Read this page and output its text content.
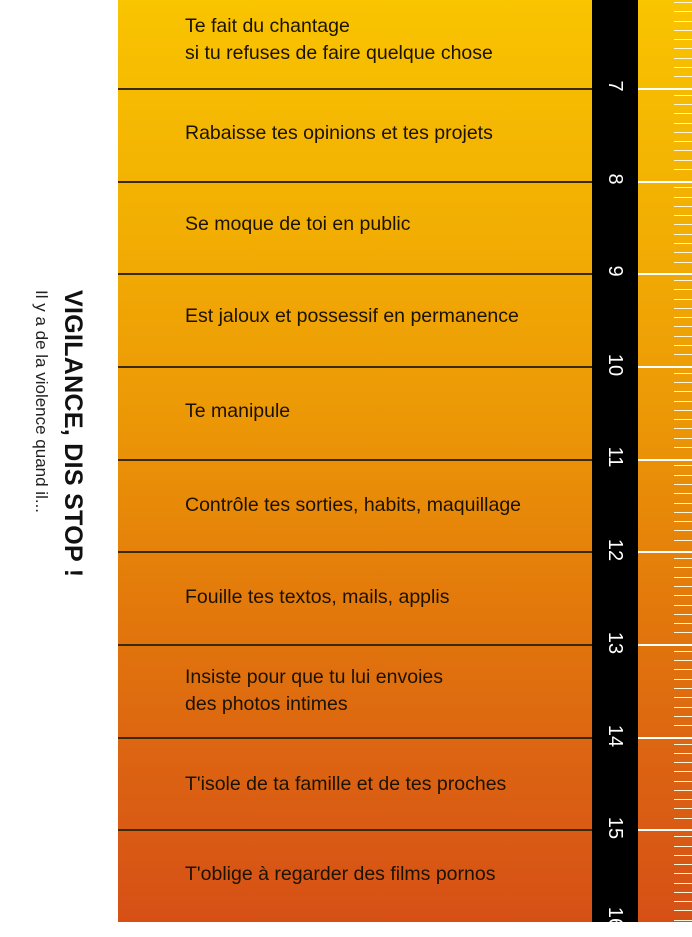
VIGILANCE, DIS STOP !
Il y a de la violence quand il...
Te fait du chantage
si tu refuses de faire quelque chose
Rabaisse tes opinions et tes projets
Se moque de toi en public
Est jaloux et possessif en permanence
Te manipule
Contrôle tes sorties, habits, maquillage
Fouille tes textos, mails, applis
Insiste pour que tu lui envoies
des photos intimes
T'isole de ta famille et de tes proches
T'oblige à regarder des films pornos
7
8
9
10
11
12
13
14
15
16
